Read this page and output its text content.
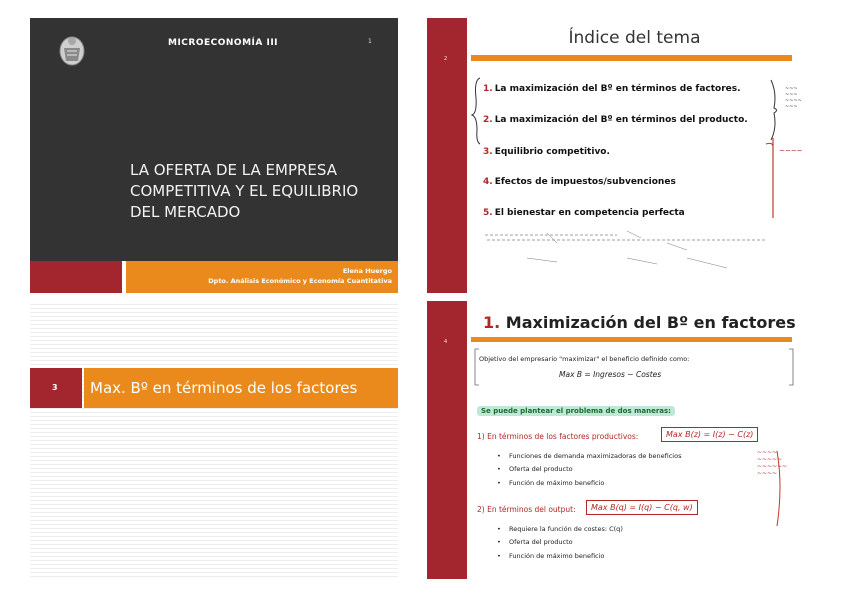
MICROECONOMÍA III	1
LA OFERTA DE LA EMPRESA COMPETITIVA Y EL EQUILIBRIO DEL MERCADO
Elena Huergo
Dpto. Análisis Económico y Economía Cuantitativa
2
Índice del tema
1. La maximización del Bº en términos de factores.
2. La maximización del Bº en términos del producto.
3. Equilibrio competitivo.
4. Efectos de impuestos/subvenciones
5. El bienestar en competencia perfecta
~~~
~~~
~~~~
~~~
~~~~
3 Max. Bº en términos de los factores
4
1. Maximización del Bº en factores
Objetivo del empresario "maximizar" el beneficio definido como:
Max B = Ingresos − Costes
Se puede plantear el problema de dos maneras:
1) En términos de los factores productivos:	Max B(z) = I(z) − C(z)
• Funciones de demanda maximizadoras de beneficios
• Oferta del producto
• Función de máximo beneficio
2) En términos del output:	Max B(q) = I(q) − C(q, w)
• Requiere la función de costes: C(q)
• Oferta del producto
• Función de máximo beneficio
~~~~
~~~~~
~~~~~~
~~~~
